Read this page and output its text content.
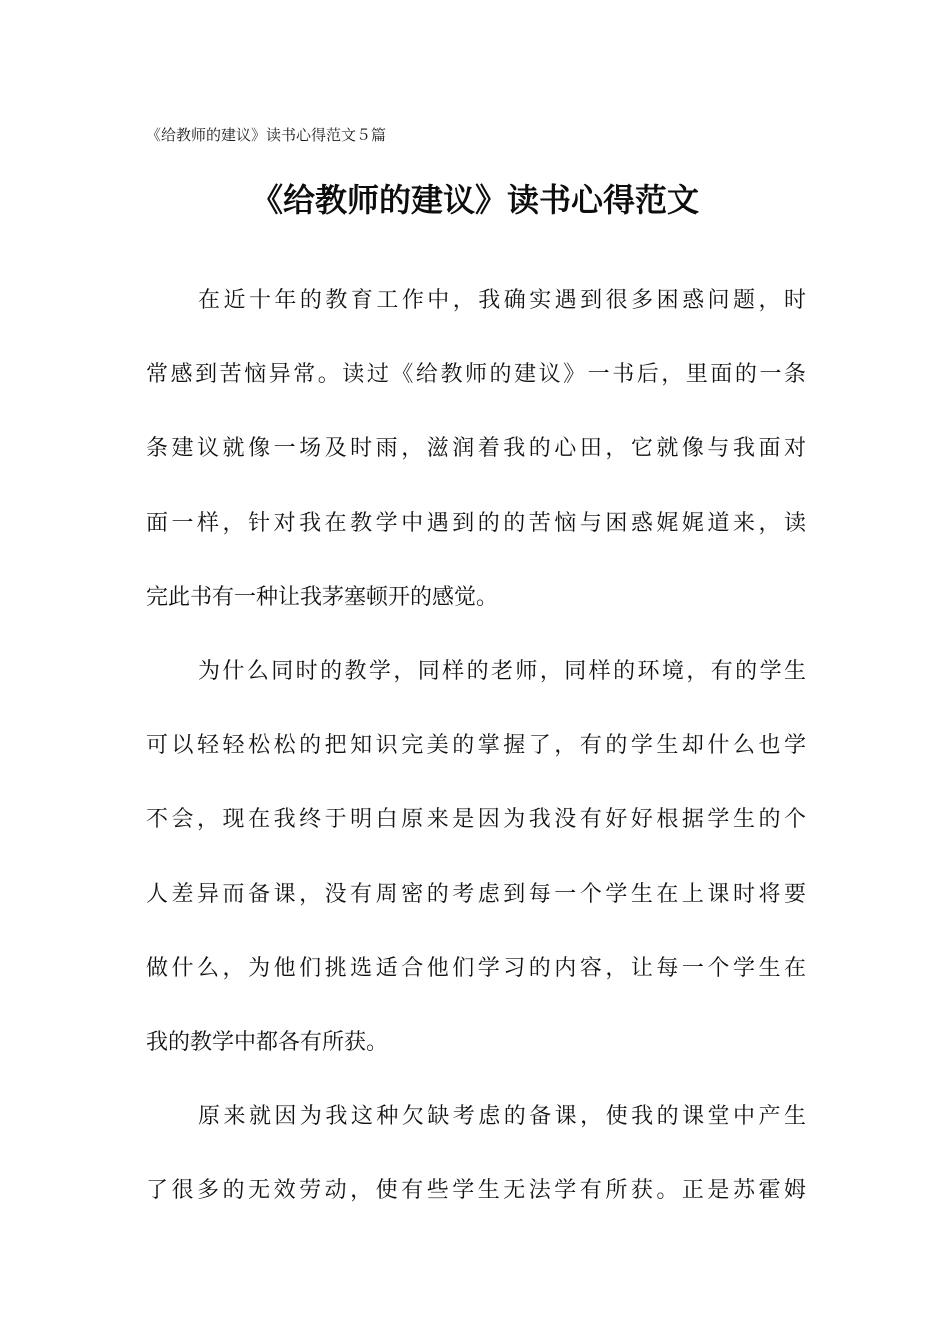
《给教师的建议》读书心得范文５篇
《给教师的建议》读书心得范文
在近十年的教育工作中，我确实遇到很多困惑问题，时
常感到苦恼异常。读过《给教师的建议》一书后，里面的一条
条建议就像一场及时雨，滋润着我的心田，它就像与我面对
面一样，针对我在教学中遇到的的苦恼与困惑娓娓道来，读
完此书有一种让我茅塞顿开的感觉。
为什么同时的教学，同样的老师，同样的环境，有的学生
可以轻轻松松的把知识完美的掌握了，有的学生却什么也学
不会，现在我终于明白原来是因为我没有好好根据学生的个
人差异而备课，没有周密的考虑到每一个学生在上课时将要
做什么，为他们挑选适合他们学习的内容，让每一个学生在
我的教学中都各有所获。
原来就因为我这种欠缺考虑的备课，使我的课堂中产生
了很多的无效劳动，使有些学生无法学有所获。正是苏霍姆
